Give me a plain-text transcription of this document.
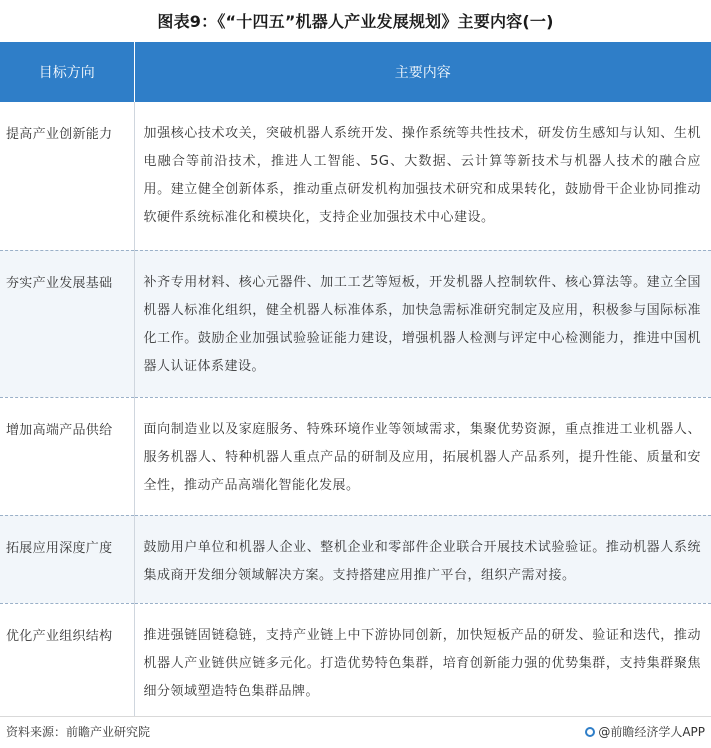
图表9：《“十四五”机器人产业发展规划》主要内容(一)
目标方向	主要内容
提高产业创新能力	加强核心技术攻关，突破机器人系统开发、操作系统等共性技术，研发仿生感知与认知、生机电融合等前沿技术，推进人工智能、5G、大数据、云计算等新技术与机器人技术的融合应用。建立健全创新体系，推动重点研发机构加强技术研究和成果转化，鼓励骨干企业协同推动软硬件系统标准化和模块化，支持企业加强技术中心建设。
夯实产业发展基础	补齐专用材料、核心元器件、加工工艺等短板，开发机器人控制软件、核心算法等。建立全国机器人标准化组织，健全机器人标准体系，加快急需标准研究制定及应用，积极参与国际标准化工作。鼓励企业加强试验验证能力建设，增强机器人检测与评定中心检测能力，推进中国机器人认证体系建设。
增加高端产品供给	面向制造业以及家庭服务、特殊环境作业等领域需求，集聚优势资源，重点推进工业机器人、服务机器人、特种机器人重点产品的研制及应用，拓展机器人产品系列，提升性能、质量和安全性，推动产品高端化智能化发展。
拓展应用深度广度	鼓励用户单位和机器人企业、整机企业和零部件企业联合开展技术试验验证。推动机器人系统集成商开发细分领域解决方案。支持搭建应用推广平台，组织产需对接。
优化产业组织结构	推进强链固链稳链，支持产业链上中下游协同创新，加快短板产品的研发、验证和迭代，推动机器人产业链供应链多元化。打造优势特色集群，培育创新能力强的优势集群，支持集群聚焦细分领域塑造特色集群品牌。
资料来源：前瞻产业研究院	@前瞻经济学人APP
